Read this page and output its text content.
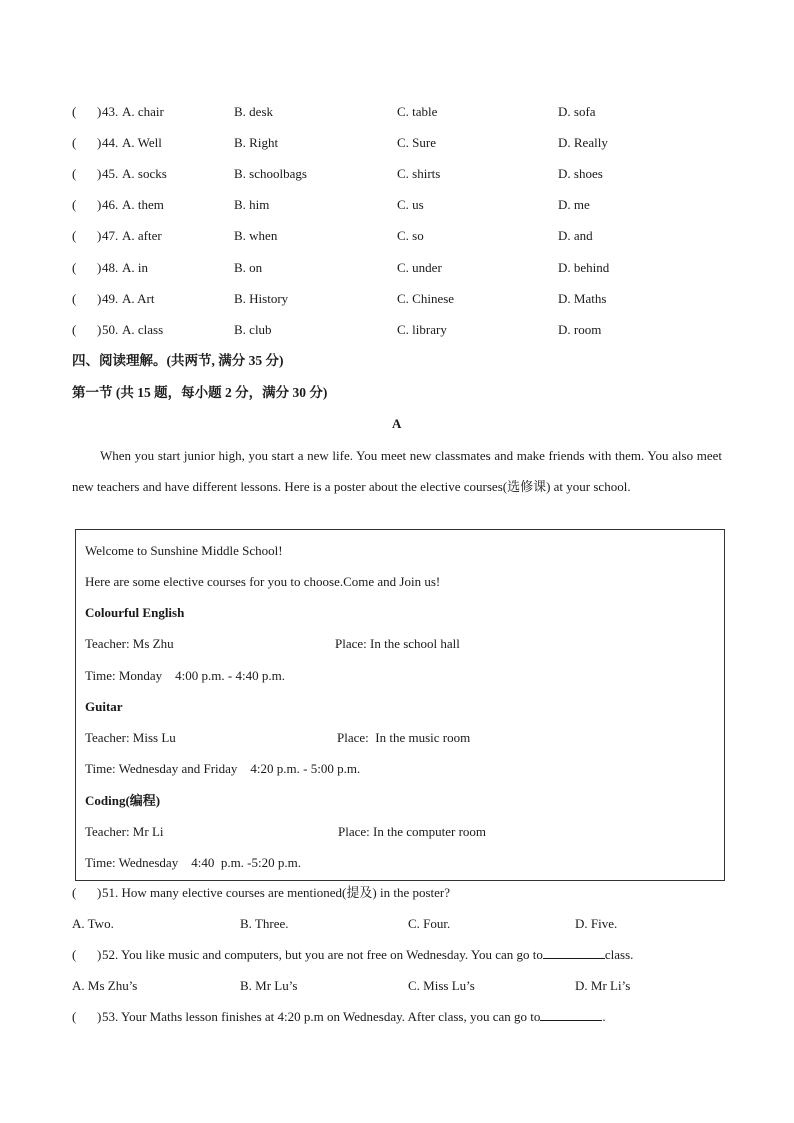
( ) 43. A. chair	B. desk	C. table	D. sofa
( ) 44. A. Well	B. Right	C. Sure	D. Really
( ) 45. A. socks	B. schoolbags	C. shirts	D. shoes
( ) 46. A. them	B. him	C. us	D. me
( ) 47. A. after	B. when	C. so	D. and
( ) 48. A. in	B. on	C. under	D. behind
( ) 49. A. Art	B. History	C. Chinese	D. Maths
( ) 50. A. class	B. club	C. library	D. room
四、阅读理解。(共两节, 满分 35 分)
第一节 (共 15 题，每小题 2 分，满分 30 分)
A
When you start junior high, you start a new life. You meet new classmates and make friends with them. You also meet new teachers and have different lessons. Here is a poster about the elective courses(选修课) at your school.
Welcome to Sunshine Middle School!
Here are some elective courses for you to choose.Come and Join us!
Colourful English
Teacher: Ms Zhu	Place: In the school hall
Time: Monday    4:00 p.m. - 4:40 p.m.
Guitar
Teacher: Miss Lu	Place:  In the music room
Time: Wednesday and Friday    4:20 p.m. - 5:00 p.m.
Coding(编程)
Teacher: Mr Li	Place: In the computer room
Time: Wednesday    4:40  p.m. -5:20 p.m.
( ) 51. How many elective courses are mentioned(提及) in the poster?
A. Two.	B. Three.	C. Four.	D. Five.
( ) 52. You like music and computers, but you are not free on Wednesday. You can go to	class.
A. Ms Zhu’s	B. Mr Lu’s	C. Miss Lu’s	D. Mr Li’s
( ) 53. Your Maths lesson finishes at 4:20 p.m on Wednesday. After class, you can go to	.
